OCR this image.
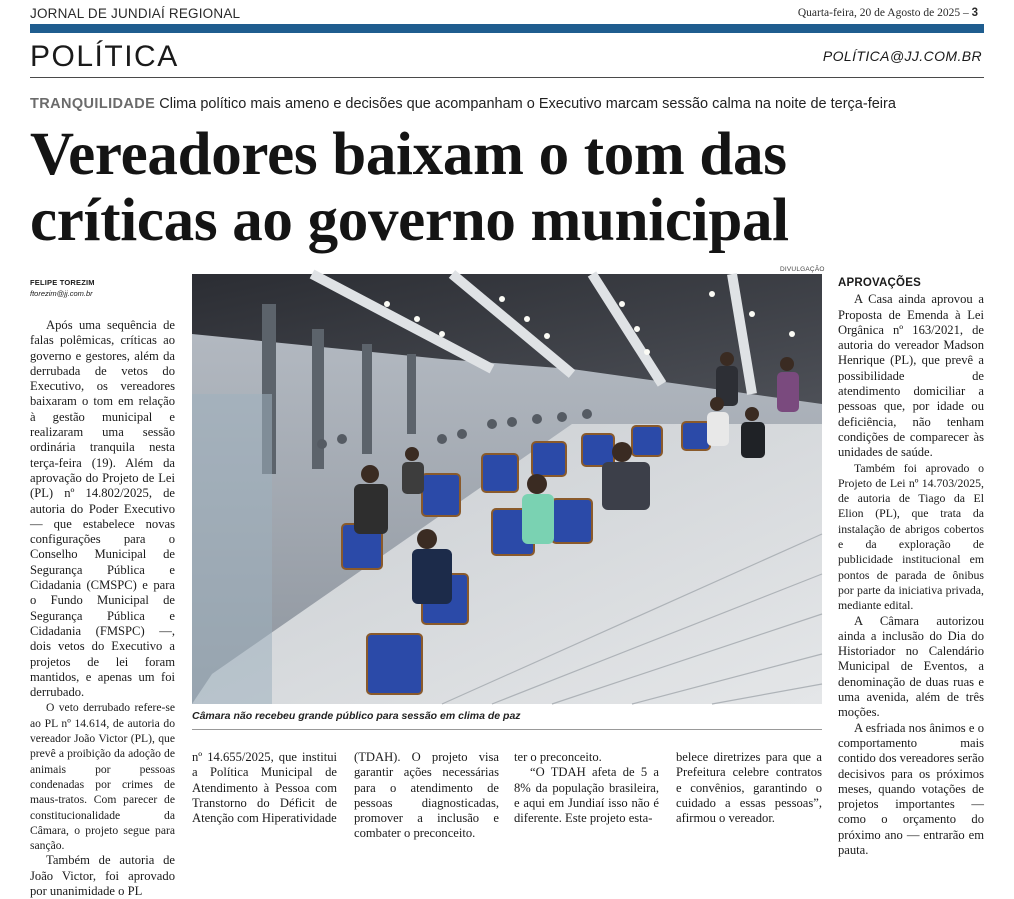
JORNAL DE JUNDIAÍ REGIONAL	Quarta-feira, 20 de Agosto de 2025 – 3
POLÍTICA	POLÍTICA@JJ.COM.BR
TRANQUILIDADE Clima político mais ameno e decisões que acompanham o Executivo marcam sessão calma na noite de terça-feira
Vereadores baixam o tom das
críticas ao governo municipal
FELIPE TOREZIM
ftorezim@jj.com.br

Após uma sequência de falas polêmicas, críticas ao governo e gestores, além da derrubada de vetos do Executivo, os vereadores baixaram o tom em relação à gestão municipal e realizaram uma sessão ordinária tranquila nesta terça-feira (19). Além da aprovação do Projeto de Lei (PL) nº 14.802/2025, de autoria do Poder Executivo — que estabelece novas configurações para o Conselho Municipal de Segurança Pública e Cidadania (CMSPC) e para o Fundo Municipal de Segurança Pública e Cidadania (FMSPC) —, dois vetos do Executivo a projetos de lei foram mantidos, e apenas um foi derrubado.

O veto derrubado refere-se ao PL nº 14.614, de autoria do vereador João Victor (PL), que prevê a proibição da adoção de animais por pessoas condenadas por crimes de maus-tratos. Com parecer de constitucionalidade da Câmara, o projeto segue para sanção.

Também de autoria de João Victor, foi aprovado por unanimidade o PL

DIVULGAÇÃO
Câmara não recebeu grande público para sessão em clima de paz

nº 14.655/2025, que institui a Política Municipal de Atendimento à Pessoa com Transtorno do Déficit de Atenção com Hiperatividade

(TDAH). O projeto visa garantir ações necessárias para o atendimento de pessoas diagnosticadas, promover a inclusão e combater o preconceito.

ter o preconceito.

“O TDAH afeta de 5 a 8% da população brasileira, e aqui em Jundiaí isso não é diferente. Este projeto esta-

belece diretrizes para que a Prefeitura celebre contratos e convênios, garantindo o cuidado a essas pessoas”, afirmou o vereador.

APROVAÇÕES

A Casa ainda aprovou a Proposta de Emenda à Lei Orgânica nº 163/2021, de autoria do vereador Madson Henrique (PL), que prevê a possibilidade de atendimento domiciliar a pessoas que, por idade ou deficiência, não tenham condições de comparecer às unidades de saúde.

Também foi aprovado o Projeto de Lei nº 14.703/2025, de autoria de Tiago da El Elion (PL), que trata da instalação de abrigos cobertos e da exploração de publicidade institucional em pontos de parada de ônibus por parte da iniciativa privada, mediante edital.

A Câmara autorizou ainda a inclusão do Dia do Historiador no Calendário Municipal de Eventos, a denominação de duas ruas e uma avenida, além de três moções.

A esfriada nos ânimos e o comportamento mais contido dos vereadores serão decisivos para os próximos meses, quando votações de projetos importantes — como o orçamento do próximo ano — entrarão em pauta.
